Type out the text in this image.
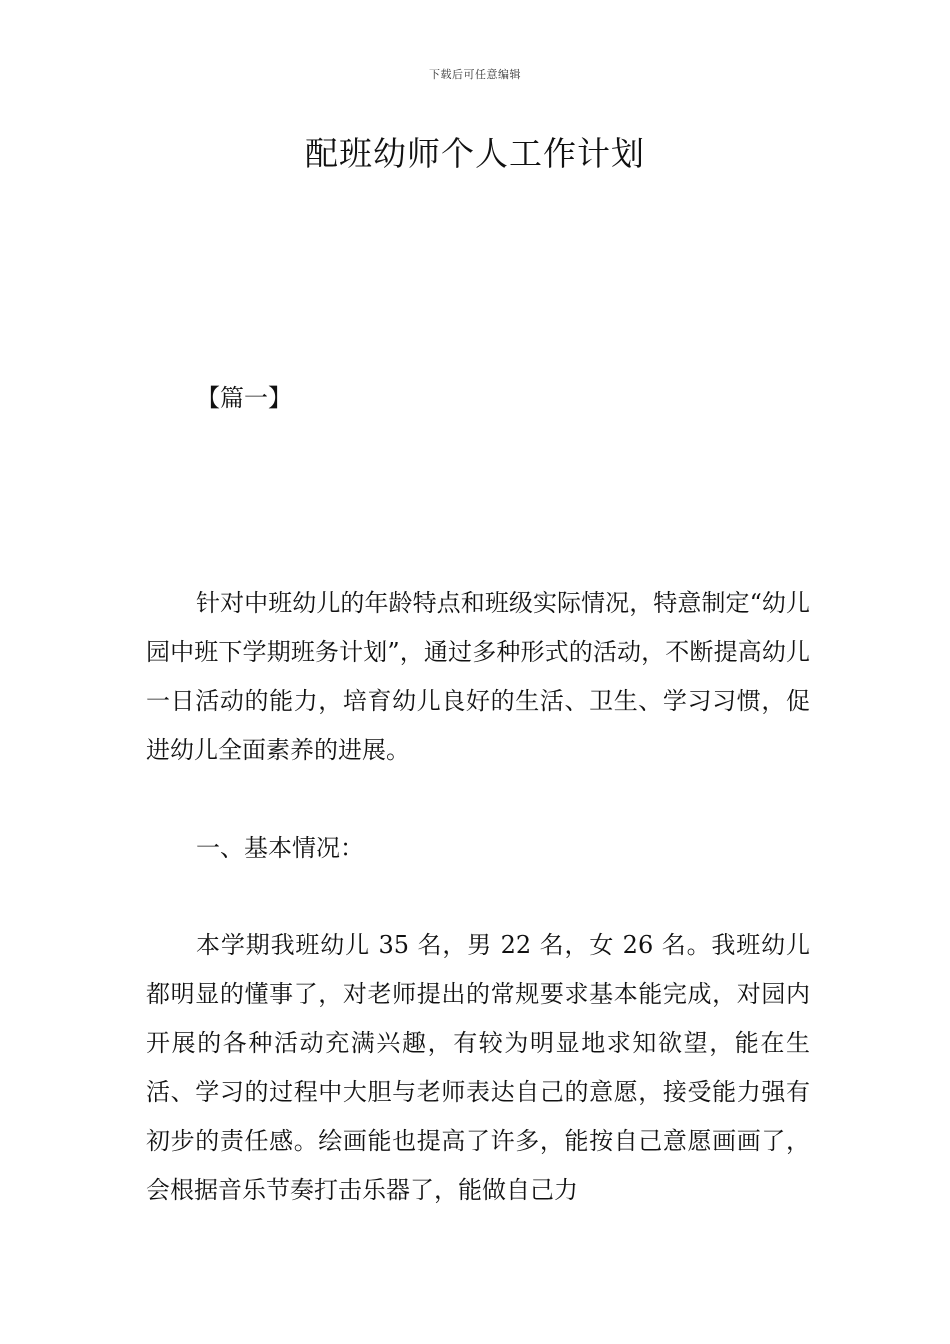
下载后可任意编辑
配班幼师个人工作计划
【篇一】

针对中班幼儿的年龄特点和班级实际情况，特意制定“幼儿园中班下学期班务计划”，通过多种形式的活动，不断提高幼儿一日活动的能力，培育幼儿良好的生活、卫生、学习习惯，促进幼儿全面素养的进展。

一、基本情况：

本学期我班幼儿 35 名，男 22 名，女 26 名。我班幼儿都明显的懂事了，对老师提出的常规要求基本能完成，对园内开展的各种活动充满兴趣，有较为明显地求知欲望，能在生活、学习的过程中大胆与老师表达自己的意愿，接受能力强有初步的责任感。绘画能也提高了许多，能按自己意愿画画了，会根据音乐节奏打击乐器了，能做自己力
